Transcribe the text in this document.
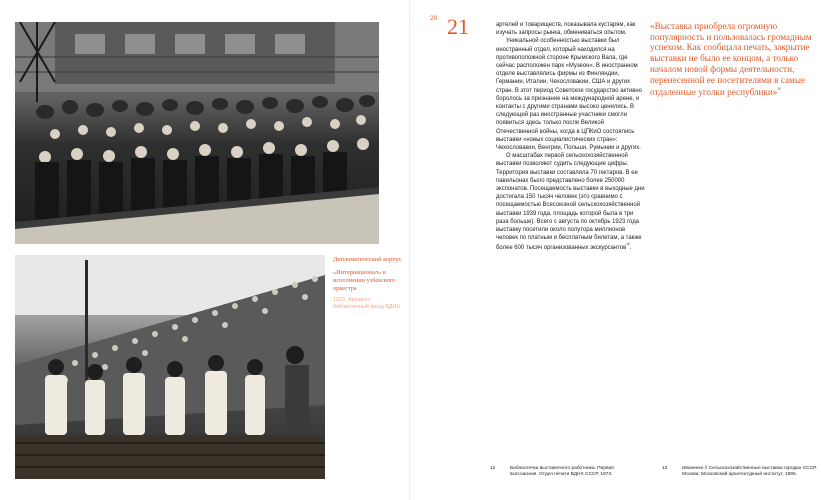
Дипломатический корпус

«Интернационал» в исполнении узбекского оркестра

1923. Архивно-библиотечный фонд ВДНХ

20 21	артелей и товариществ, показывала кустарям, как изучать запросы рынка, обмениваться опытом.

Уникальной особенностью выставки был иностранный отдел, который находился на противоположной стороне Крымского Вала, где сейчас расположен парк «Музеон». В иностранном отделе выставлялись фирмы из Финляндии, Германии, Италии, Чехословакии, США и других стран. В этот период Советское государство активно боролось за признание на международной арене, и контакты с другими странами высоко ценились. В следующий раз иностранные участники смогли появиться здесь только после Великой Отечественной войны, когда в ЦПКиО состоялись выставки «новых социалистических стран»: Чехословакии, Венгрии, Польши, Румынии и других.

О масштабах первой сельскохозяйственной выставки позволяют судить следующие цифры. Территория выставки составляла 70 гектаров. В ее павильонах было представлено более 250000 экспонатов. Посещаемость выставки в выходные дни достигала 150 тысяч человек (это сравнимо с посещаемостью Всесоюзной сельскохозяйственной выставки 1939 года, площадь которой была в три раза больше). Всего с августа по октябрь 1923 года выставку посетили около полутора миллионов человек по платным и бесплатным билетам, а также более 600 тысяч организованных экскурсантов$^{^{12}}$.

«Выставка приобрела огромную популярность и пользовалась громадным успехом. Как сообщала печать, закрытие выставки не было ее концом, а только началом новой формы деятельности, перенесенной ее посетителями в самые отдаленные уголки республики»$^{^{13}}$
12	Библиотечка выставочного работника. Первая всесоюзная. Отдел печати ВДНХ СССР, 1973.
13	Иваненко // Сельскохозяйственные выставки городах СССР. Москва: Московский архитектурный институт, 1995.
